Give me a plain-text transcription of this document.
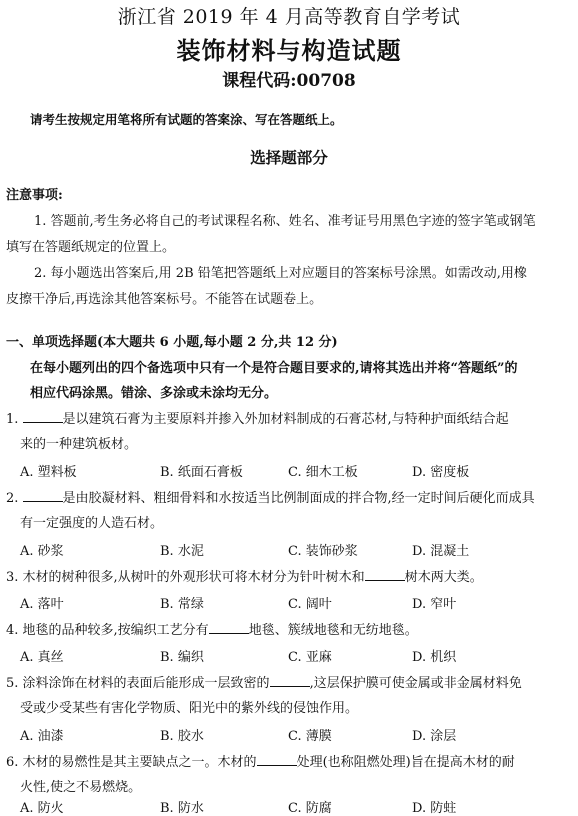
浙江省 2019 年 4 月高等教育自学考试
装饰材料与构造试题
课程代码:00708
请考生按规定用笔将所有试题的答案涂、写在答题纸上。
选择题部分
注意事项:
1. 答题前,考生务必将自己的考试课程名称、姓名、准考证号用黑色字迹的签字笔或钢笔
填写在答题纸规定的位置上。
2. 每小题选出答案后,用 2B 铅笔把答题纸上对应题目的答案标号涂黑。如需改动,用橡
皮擦干净后,再选涂其他答案标号。不能答在试题卷上。
一、单项选择题(本大题共 6 小题,每小题 2 分,共 12 分)
在每小题列出的四个备选项中只有一个是符合题目要求的,请将其选出并将“答题纸”的
相应代码涂黑。错涂、多涂或未涂均无分。
1.	是以建筑石膏为主要原料并掺入外加材料制成的石膏芯材,与特种护面纸结合起
来的一种建筑板材。
A. 塑料板	B. 纸面石膏板	C. 细木工板	D. 密度板
2.	是由胶凝材料、粗细骨料和水按适当比例制面成的拌合物,经一定时间后硬化而成具
有一定强度的人造石材。
A. 砂浆	B. 水泥	C. 装饰砂浆	D. 混凝土
3. 木材的树种很多,从树叶的外观形状可将木材分为针叶树木和	树木两大类。
A. 落叶	B. 常绿	C. 阔叶	D. 窄叶
4. 地毯的品种较多,按编织工艺分有	地毯、簇绒地毯和无纺地毯。
A. 真丝	B. 编织	C. 亚麻	D. 机织
5. 涂料涂饰在材料的表面后能形成一层致密的	,这层保护膜可使金属或非金属材料免
受或少受某些有害化学物质、阳光中的紫外线的侵蚀作用。
A. 油漆	B. 胶水	C. 薄膜	D. 涂层
6. 木材的易燃性是其主要缺点之一。木材的	处理(也称阻燃处理)旨在提高木材的耐
火性,使之不易燃烧。
A. 防火	B. 防水	C. 防腐	D. 防蛀
